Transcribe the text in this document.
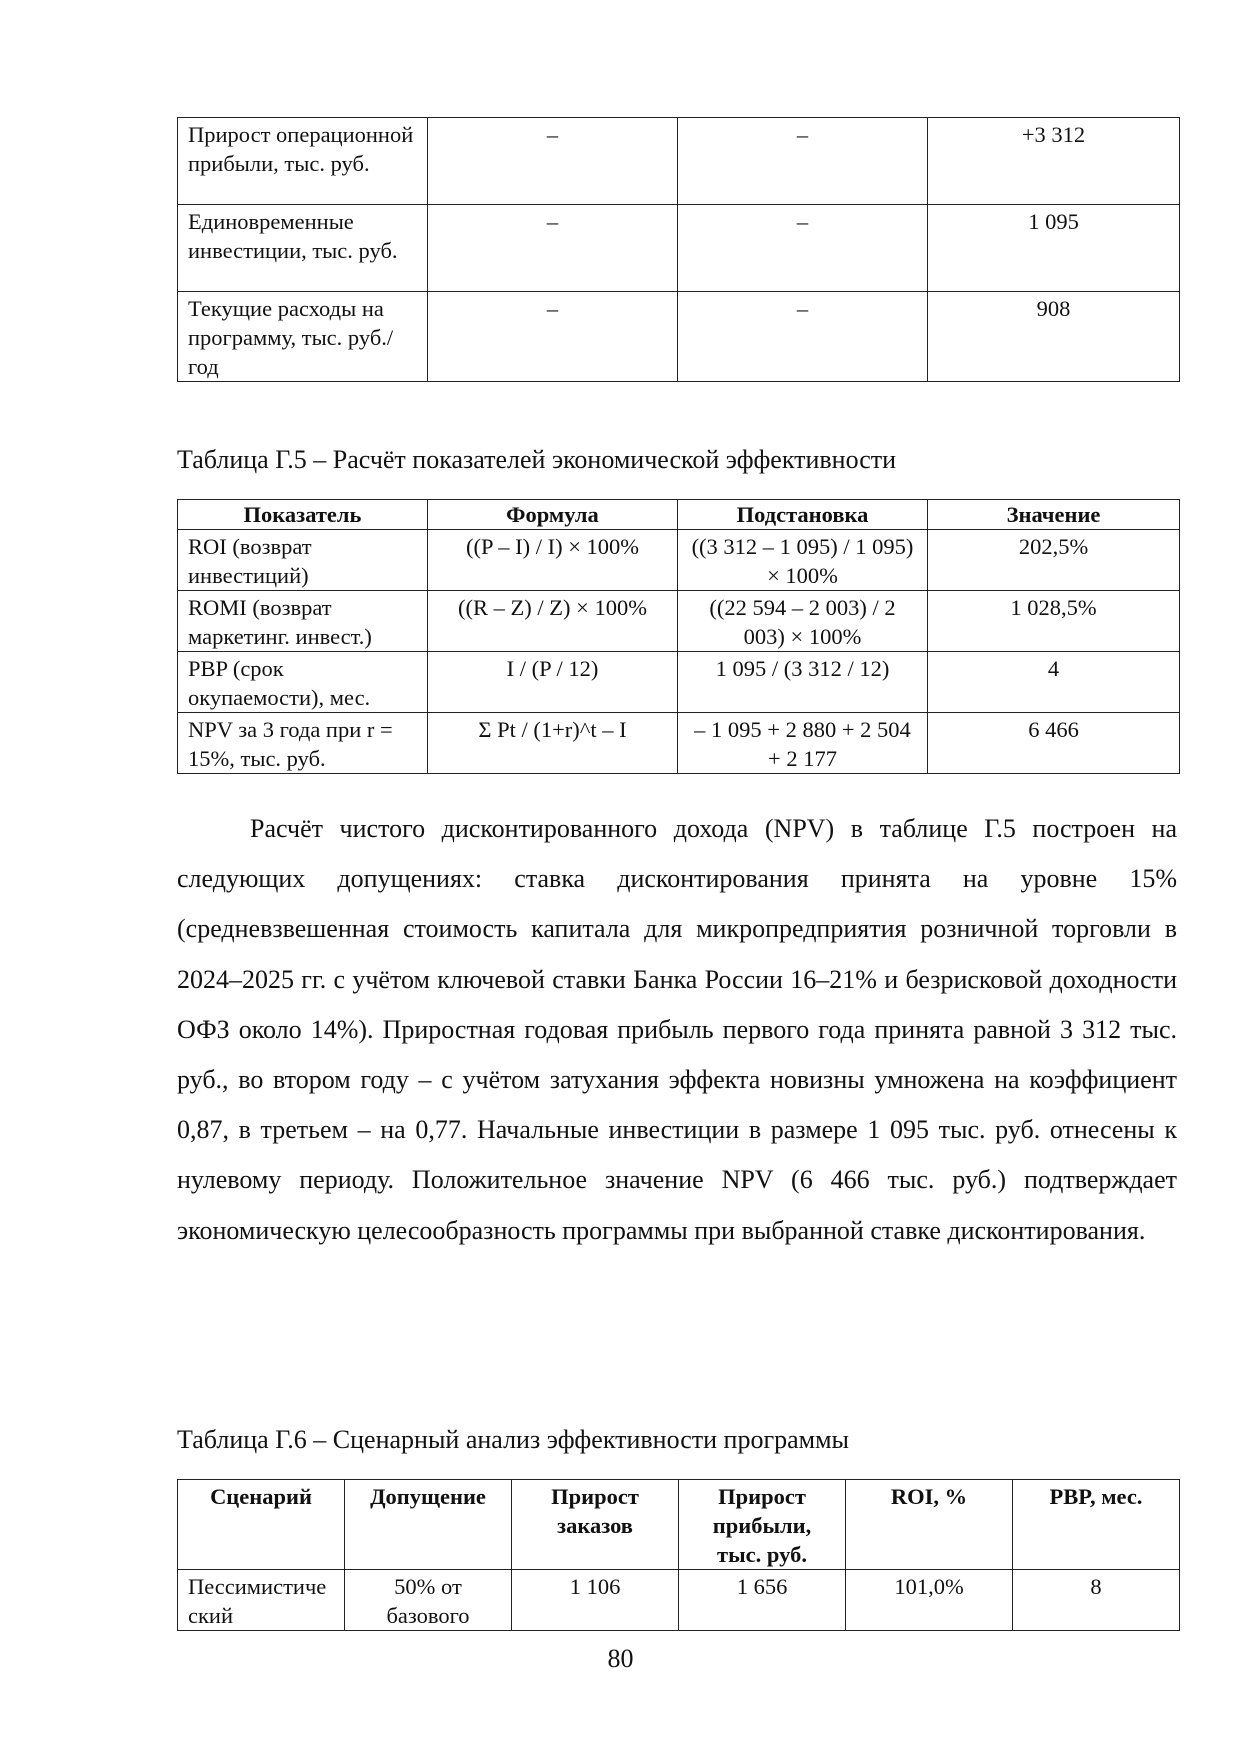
Прирост операционной прибыли, тыс. руб.	–	–	+3 312
Единовременные инвестиции, тыс. руб.	–	–	1 095
Текущие расходы на программу, тыс. руб./год	–	–	908
Таблица Г.5 – Расчёт показателей экономической эффективности
Показатель	Формула	Подстановка	Значение
ROI (возврат инвестиций)	((P – I) / I) × 100%	((3 312 – 1 095) / 1 095) × 100%	202,5%
ROMI (возврат маркетинг. инвест.)	((R – Z) / Z) × 100%	((22 594 – 2 003) / 2 003) × 100%	1 028,5%
PBP (срок окупаемости), мес.	I / (P / 12)	1 095 / (3 312 / 12)	4
NPV за 3 года при r = 15%, тыс. руб.	Σ Pt / (1+r)^t – I	– 1 095 + 2 880 + 2 504 + 2 177	6 466
Расчёт чистого дисконтированного дохода (NPV) в таблице Г.5 построен на следующих допущениях: ставка дисконтирования принята на уровне 15% (средневзвешенная стоимость капитала для микропредприятия розничной торговли в 2024–2025 гг. с учётом ключевой ставки Банка России 16–21% и безрисковой доходности ОФЗ около 14%). Приростная годовая прибыль первого года принята равной 3 312 тыс. руб., во втором году – с учётом затухания эффекта новизны умножена на коэффициент 0,87, в третьем – на 0,77. Начальные инвестиции в размере 1 095 тыс. руб. отнесены к нулевому периоду. Положительное значение NPV (6 466 тыс. руб.) подтверждает экономическую целесообразность программы при выбранной ставке дисконтирования.
Таблица Г.6 – Сценарный анализ эффективности программы
Сценарий	Допущение	Прирост заказов	Прирост прибыли, тыс. руб.	ROI, %	PBP, мес.
Пессимистический	50% от базового	1 106	1 656	101,0%	8
80
